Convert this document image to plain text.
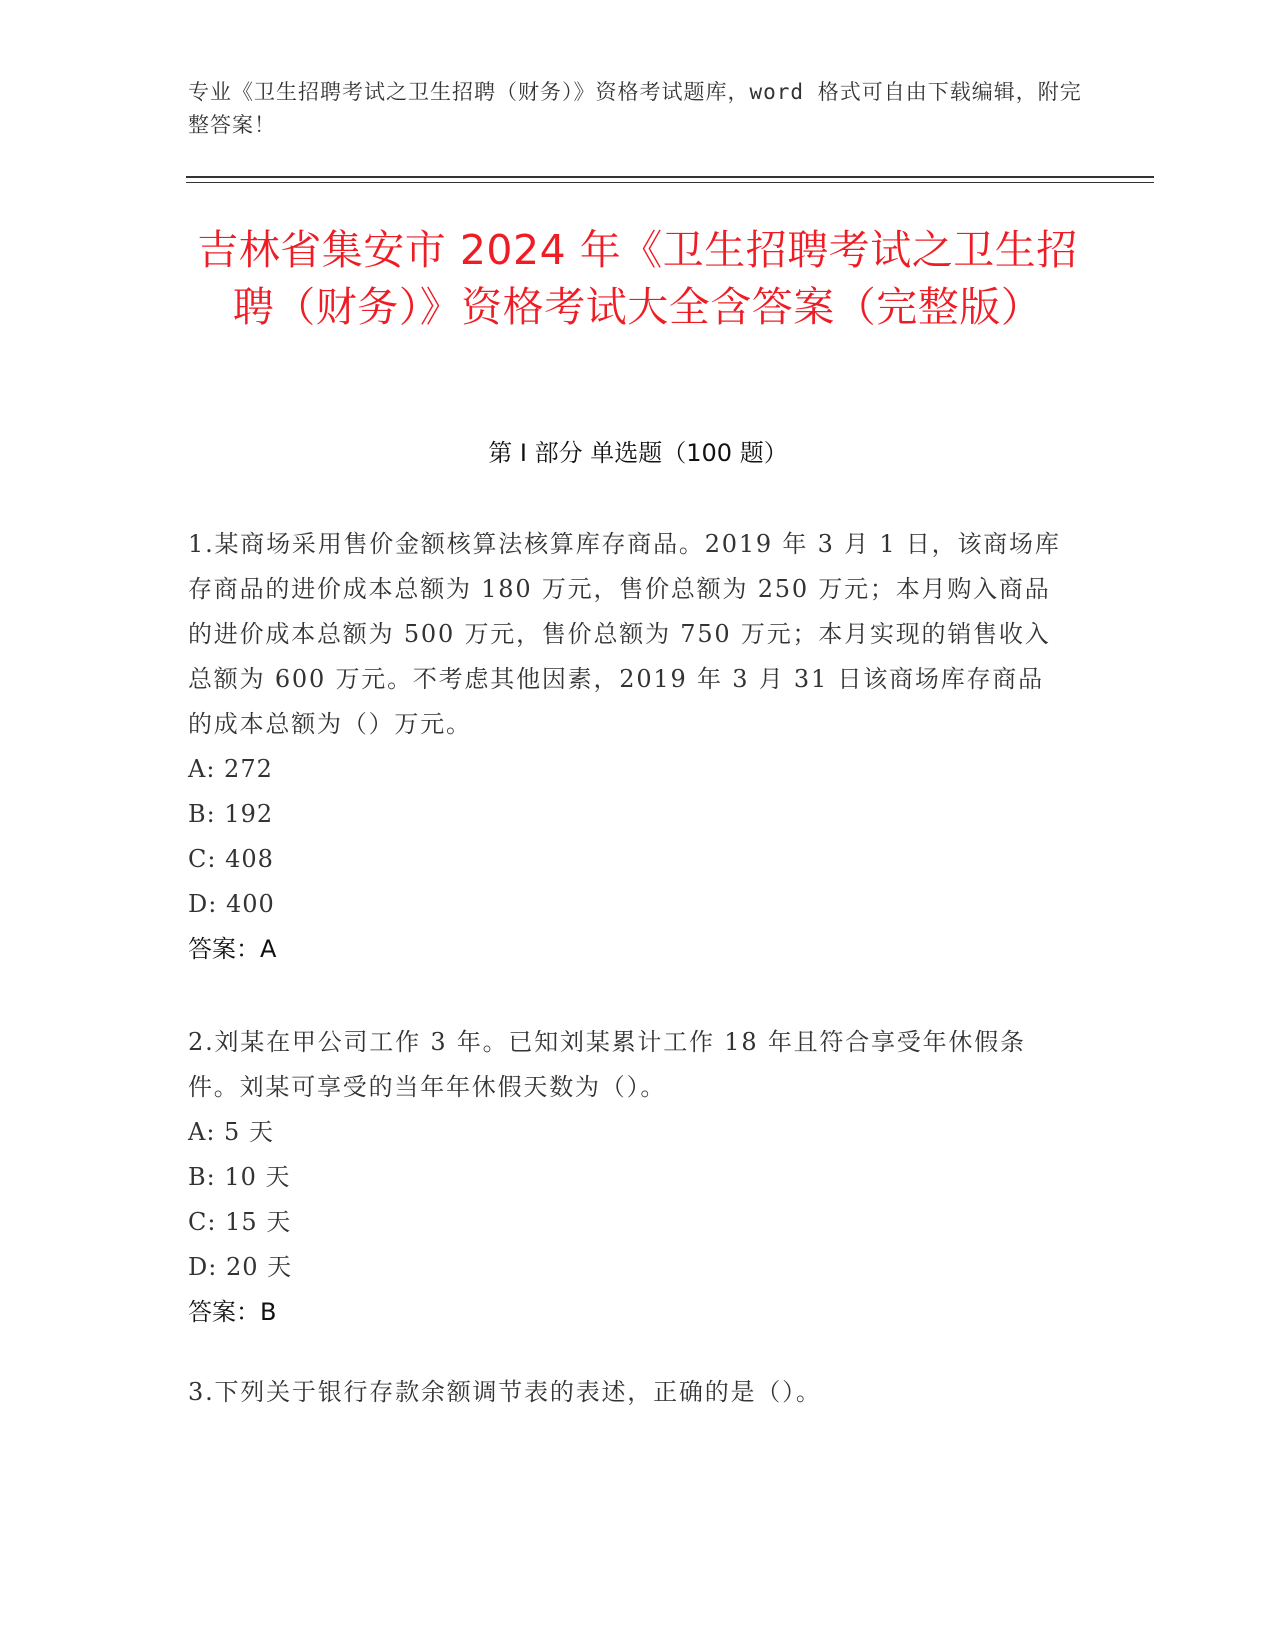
专业《卫生招聘考试之卫生招聘（财务）》资格考试题库，word 格式可自由下载编辑，附完整答案！
吉林省集安市 2024 年《卫生招聘考试之卫生招聘（财务）》资格考试大全含答案（完整版）
第 I 部分 单选题（100 题）
1.某商场采用售价金额核算法核算库存商品。2019 年 3 月 1 日，该商场库存商品的进价成本总额为 180 万元，售价总额为 250 万元；本月购入商品的进价成本总额为 500 万元，售价总额为 750 万元；本月实现的销售收入总额为 600 万元。不考虑其他因素，2019 年 3 月 31 日该商场库存商品的成本总额为（）万元。
A: 272
B: 192
C: 408
D: 400
答案：A
2.刘某在甲公司工作 3 年。已知刘某累计工作 18 年且符合享受年休假条件。刘某可享受的当年年休假天数为（）。
A: 5 天
B: 10 天
C: 15 天
D: 20 天
答案：B
3.下列关于银行存款余额调节表的表述，正确的是（）。
